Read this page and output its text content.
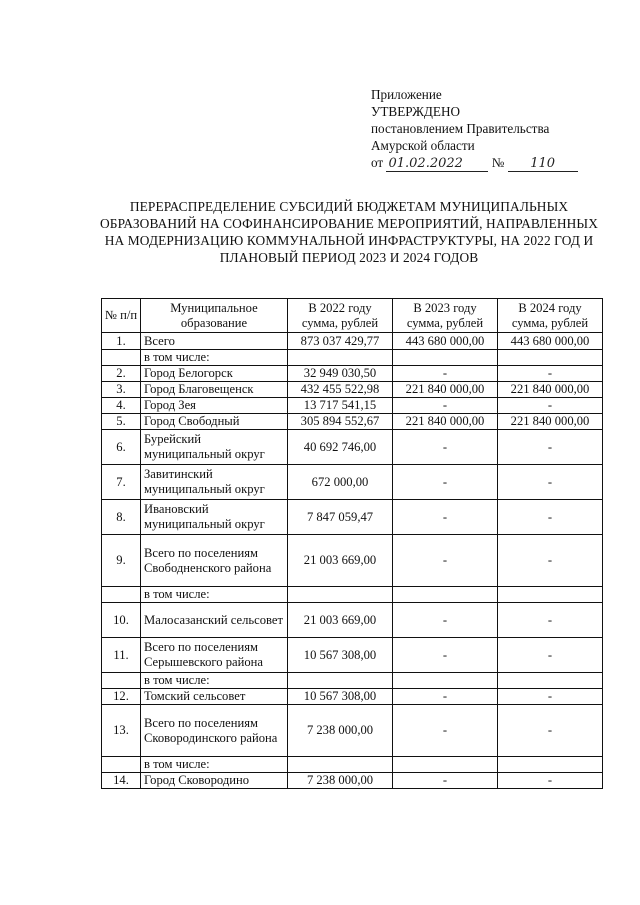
Приложение
УТВЕРЖДЕНО
постановлением Правительства
Амурской области
от 01.02.2022 № 110
ПЕРЕРАСПРЕДЕЛЕНИЕ СУБСИДИЙ БЮДЖЕТАМ МУНИЦИПАЛЬНЫХ ОБРАЗОВАНИЙ НА СОФИНАНСИРОВАНИЕ МЕРОПРИЯТИЙ, НАПРАВЛЕННЫХ НА МОДЕРНИЗАЦИЮ КОММУНАЛЬНОЙ ИНФРАСТРУКТУРЫ, НА 2022 ГОД И ПЛАНОВЫЙ ПЕРИОД 2023 И 2024 ГОДОВ
№ п/п	Муниципальное образование	В 2022 году сумма, рублей	В 2023 году сумма, рублей	В 2024 году сумма, рублей
1.	Всего	873 037 429,77	443 680 000,00	443 680 000,00
	в том числе:			
2.	Город Белогорск	32 949 030,50	-	-
3.	Город Благовещенск	432 455 522,98	221 840 000,00	221 840 000,00
4.	Город Зея	13 717 541,15	-	-
5.	Город Свободный	305 894 552,67	221 840 000,00	221 840 000,00
6.	Бурейский муниципальный округ	40 692 746,00	-	-
7.	Завитинский муниципальный округ	672 000,00	-	-
8.	Ивановский муниципальный округ	7 847 059,47	-	-
9.	Всего по поселениям Свободненского района	21 003 669,00	-	-
	в том числе:			
10.	Малосазанский сельсовет	21 003 669,00	-	-
11.	Всего по поселениям Серышевского района	10 567 308,00	-	-
	в том числе:			
12.	Томский сельсовет	10 567 308,00	-	-
13.	Всего по поселениям Сковородинского района	7 238 000,00	-	-
	в том числе:			
14.	Город Сковородино	7 238 000,00	-	-
